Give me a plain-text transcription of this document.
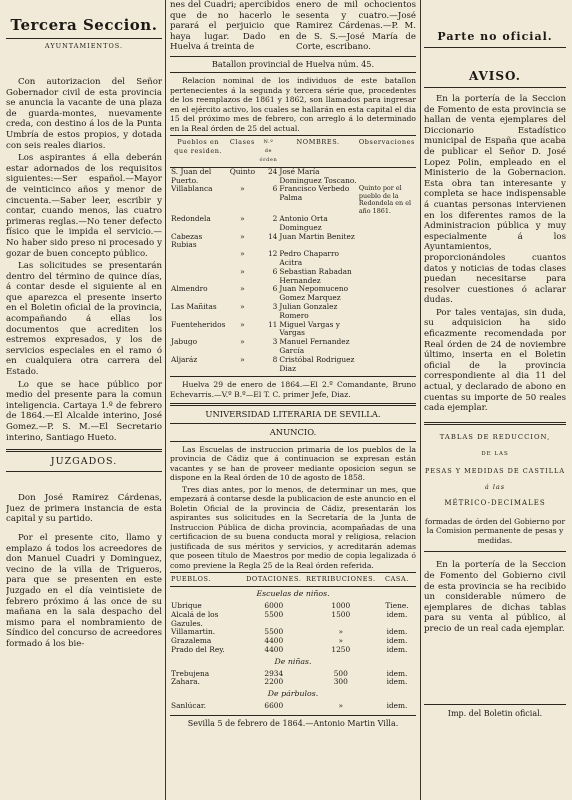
Tercera Seccion.
AYUNTAMIENTOS.

Con autorizacion del Señor Gobernador civil de esta provincia se anuncia la vacante de una plaza de guarda-montes, nuevamente creda, con destino á los de la Punta Umbría de estos propios, y dotada con seis reales diarios.

Los aspirantes á ella deberán estar adornados de los requisitos siguientes:—Ser español.—Mayor de veinticinco años y menor de cincuenta.—Saber leer, escribir y contar, cuando menos, las cuatro primeras reglas.—No tener defecto físico que le impida el servicio.—No haber sido preso ni procesado y gozar de buen concepto público.

Las solicitudes se presentarán dentro del término de quince días, á contar desde el siguiente al en que aparezca el presente inserto en el Boletin oficial de la provincia, acompañando á ellas los documentos que acrediten los estremos expresados, y los de servicios especiales en el ramo ó en cualquiera otra carrera del Estado.

Lo que se hace público por medio del presente para la comun inteligencia. Cartaya 1.º de febrero de 1864.—El Alcalde interino, José Gomez.—P. S. M.—El Secretario interino, Santiago Hueto.

JUZGADOS.

Don José Ramirez Cárdenas, Juez de primera instancia de esta capital y su partido.

Por el presente cito, llamo y emplazo á todos los acreedores de don Manuel Cuadri y Dominguez, vecino de la villa de Trigueros, para que se presenten en este Juzgado en el día veintisiete de febrero próximo á las once de su mañana en la sala despacho del mismo para el nombramiento de Síndico del concurso de acreedores formado á los bie-

nes del Cuadri; apercibidos que de no hacerlo le parará el perjuicio que haya lugar. Dado en Huelva á treinta de

enero de mil ochocientos sesenta y cuatro.—José Ramirez Cárdenas.—P. M. de S. S.—José María de Corte, escribano.

Batallon provincial de Huelva núm. 45.

Relacion nominal de los individuos de este batallon pertenecientes á la segunda y tercera série que, procedentes de los reemplazos de 1861 y 1862, son llamados para ingresar en el ejército activo, los cuales se hallarán en esta capital el dia 15 del próximo mes de febrero, con arreglo á lo determinado en la Real órden de 25 del actual.

Pueblos en que residen.	Clases	N.º de órden	NOMBRES.	Observaciones
S. Juan del Puerto.	Quinto	24	José María Dominguez Toscano.	
Villablanca	»	6	Francisco Verbedo Palma	Quinto por el pueblo de la Redondela en el año 1861.
Redondela	»	2	Antonio Orta Dominguez	
Cabezas Rubias	»	14	Juan Martin Benitez	
	»	12	Pedro Chaparro Acitra	
	»	6	Sebastian Rabadan Hernandez	
Almendro	»	6	Juan Nepomuceno Gomez Marquez	
Las Mañitas	»	3	Julian Gonzalez Romero	
Fuenteheridos	»	11	Miguel Vargas y Vargas	
Jabugo	»	3	Manuel Fernandez García	
Aljaráz	»	8	Cristóbal Rodriguez Diaz	

Huelva 29 de enero de 1864.—El 2.º Comandante, Bruno Echevarris.—V.º B.º—El T. C. primer Jefe, Diaz.

UNIVERSIDAD LITERARIA DE SEVILLA.
ANUNCIO.

Las Escuelas de instruccion primaria de los pueblos de la provincia de Cádiz que á continuacion se expresan están vacantes y se han de proveer mediante oposicion segun se dispone en la Real órden de 10 de agosto de 1858.

Tres dias antes, por lo menos, de determinar un mes, que empezará á contarse desde la publicacion de este anuncio en el Boletin Oficial de la provincia de Cádiz, presentarán los aspirantes sus solicitudes en la Secretaría de la Junta de Instruccion Pública de dicha provincia, acompañadas de una certificacion de su buena conducta moral y religiosa, relacion justificada de sus méritos y servicios, y acreditarán ademas que poseen título de Maestros por medio de copia legalizada ó como previene la Regla 25 de la Real órden referida.

PUEBLOS.	DOTACIONES.	RETRIBUCIONES.	CASA.
Escuelas de niños.			
Ubrique	6000	1000	Tiene.
Alcalá de los Gazules.	5500	1500	idem.
Villamartin.	5500	»	idem.
Grazalema	4400	»	idem.
Prado del Rey.	4400	1250	idem.
De niñas.			
Trebujena	2934	500	idem.
Zahara.	2200	300	idem.
De párbulos.			
Sanlúcar.	6600	»	idem.
Sevilla 5 de febrero de 1864.—Antonio Martin Villa.
Parte no oficial.
AVISO.

En la portería de la Seccion de Fomento de esta provincia se hallan de venta ejemplares del Diccionario Estadístico municipal de España que acaba de publicar el Señor D. José Lopez Polin, empleado en el Ministerio de la Gobernacion. Esta obra tan interesante y completa se hace indispensable á cuantas personas intervienen en los diferentes ramos de la Administracion pública y muy especialmente á los Ayuntamientos, proporcionándoles cuantos datos y noticias de todas clases puedan necesitarse para resolver cuestiones ó aclarar dudas.

Por tales ventajas, sin duda, su adquisicion ha sido eficazmente recomendada por Real órden de 24 de noviembre último, inserta en el Boletin oficial de la provincia correspondiente al dia 11 del actual, y declarado de abono en cuentas su importe de 50 reales cada ejemplar.

TABLAS DE REDUCCION,
DE LAS
PESAS Y MEDIDAS DE CASTILLA
á las
MÉTRICO-DECIMALES

formadas de órden del Gobierno por la Comision permanente de pesas y medidas.

En la portería de la Seccion de Fomento del Gobierno civil de esta provincia se ha recibido un considerable número de ejemplares de dichas tablas para su venta al público, al precio de un real cada ejemplar.

Imp. del Boletin oficial.
